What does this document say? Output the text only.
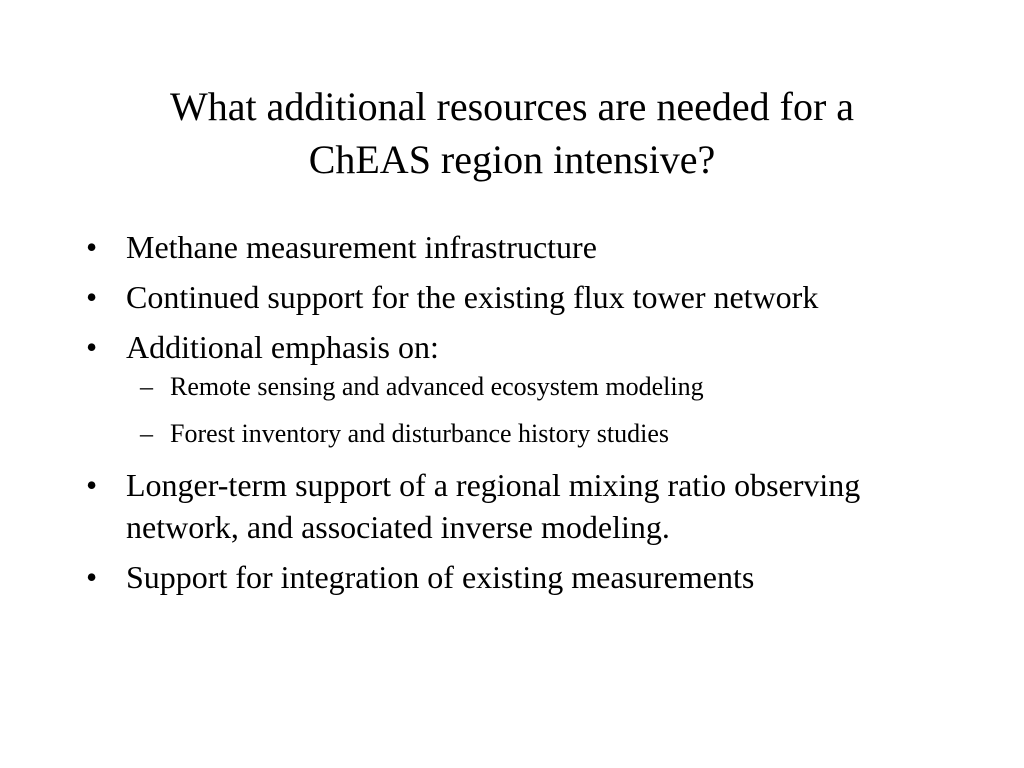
What additional resources are needed for a
ChEAS region intensive?
• Methane measurement infrastructure
• Continued support for the existing flux tower network
• Additional emphasis on:
– Remote sensing and advanced ecosystem modeling
– Forest inventory and disturbance history studies
• Longer-term support of a regional mixing ratio observing network, and associated inverse modeling.
• Support for integration of existing measurements
